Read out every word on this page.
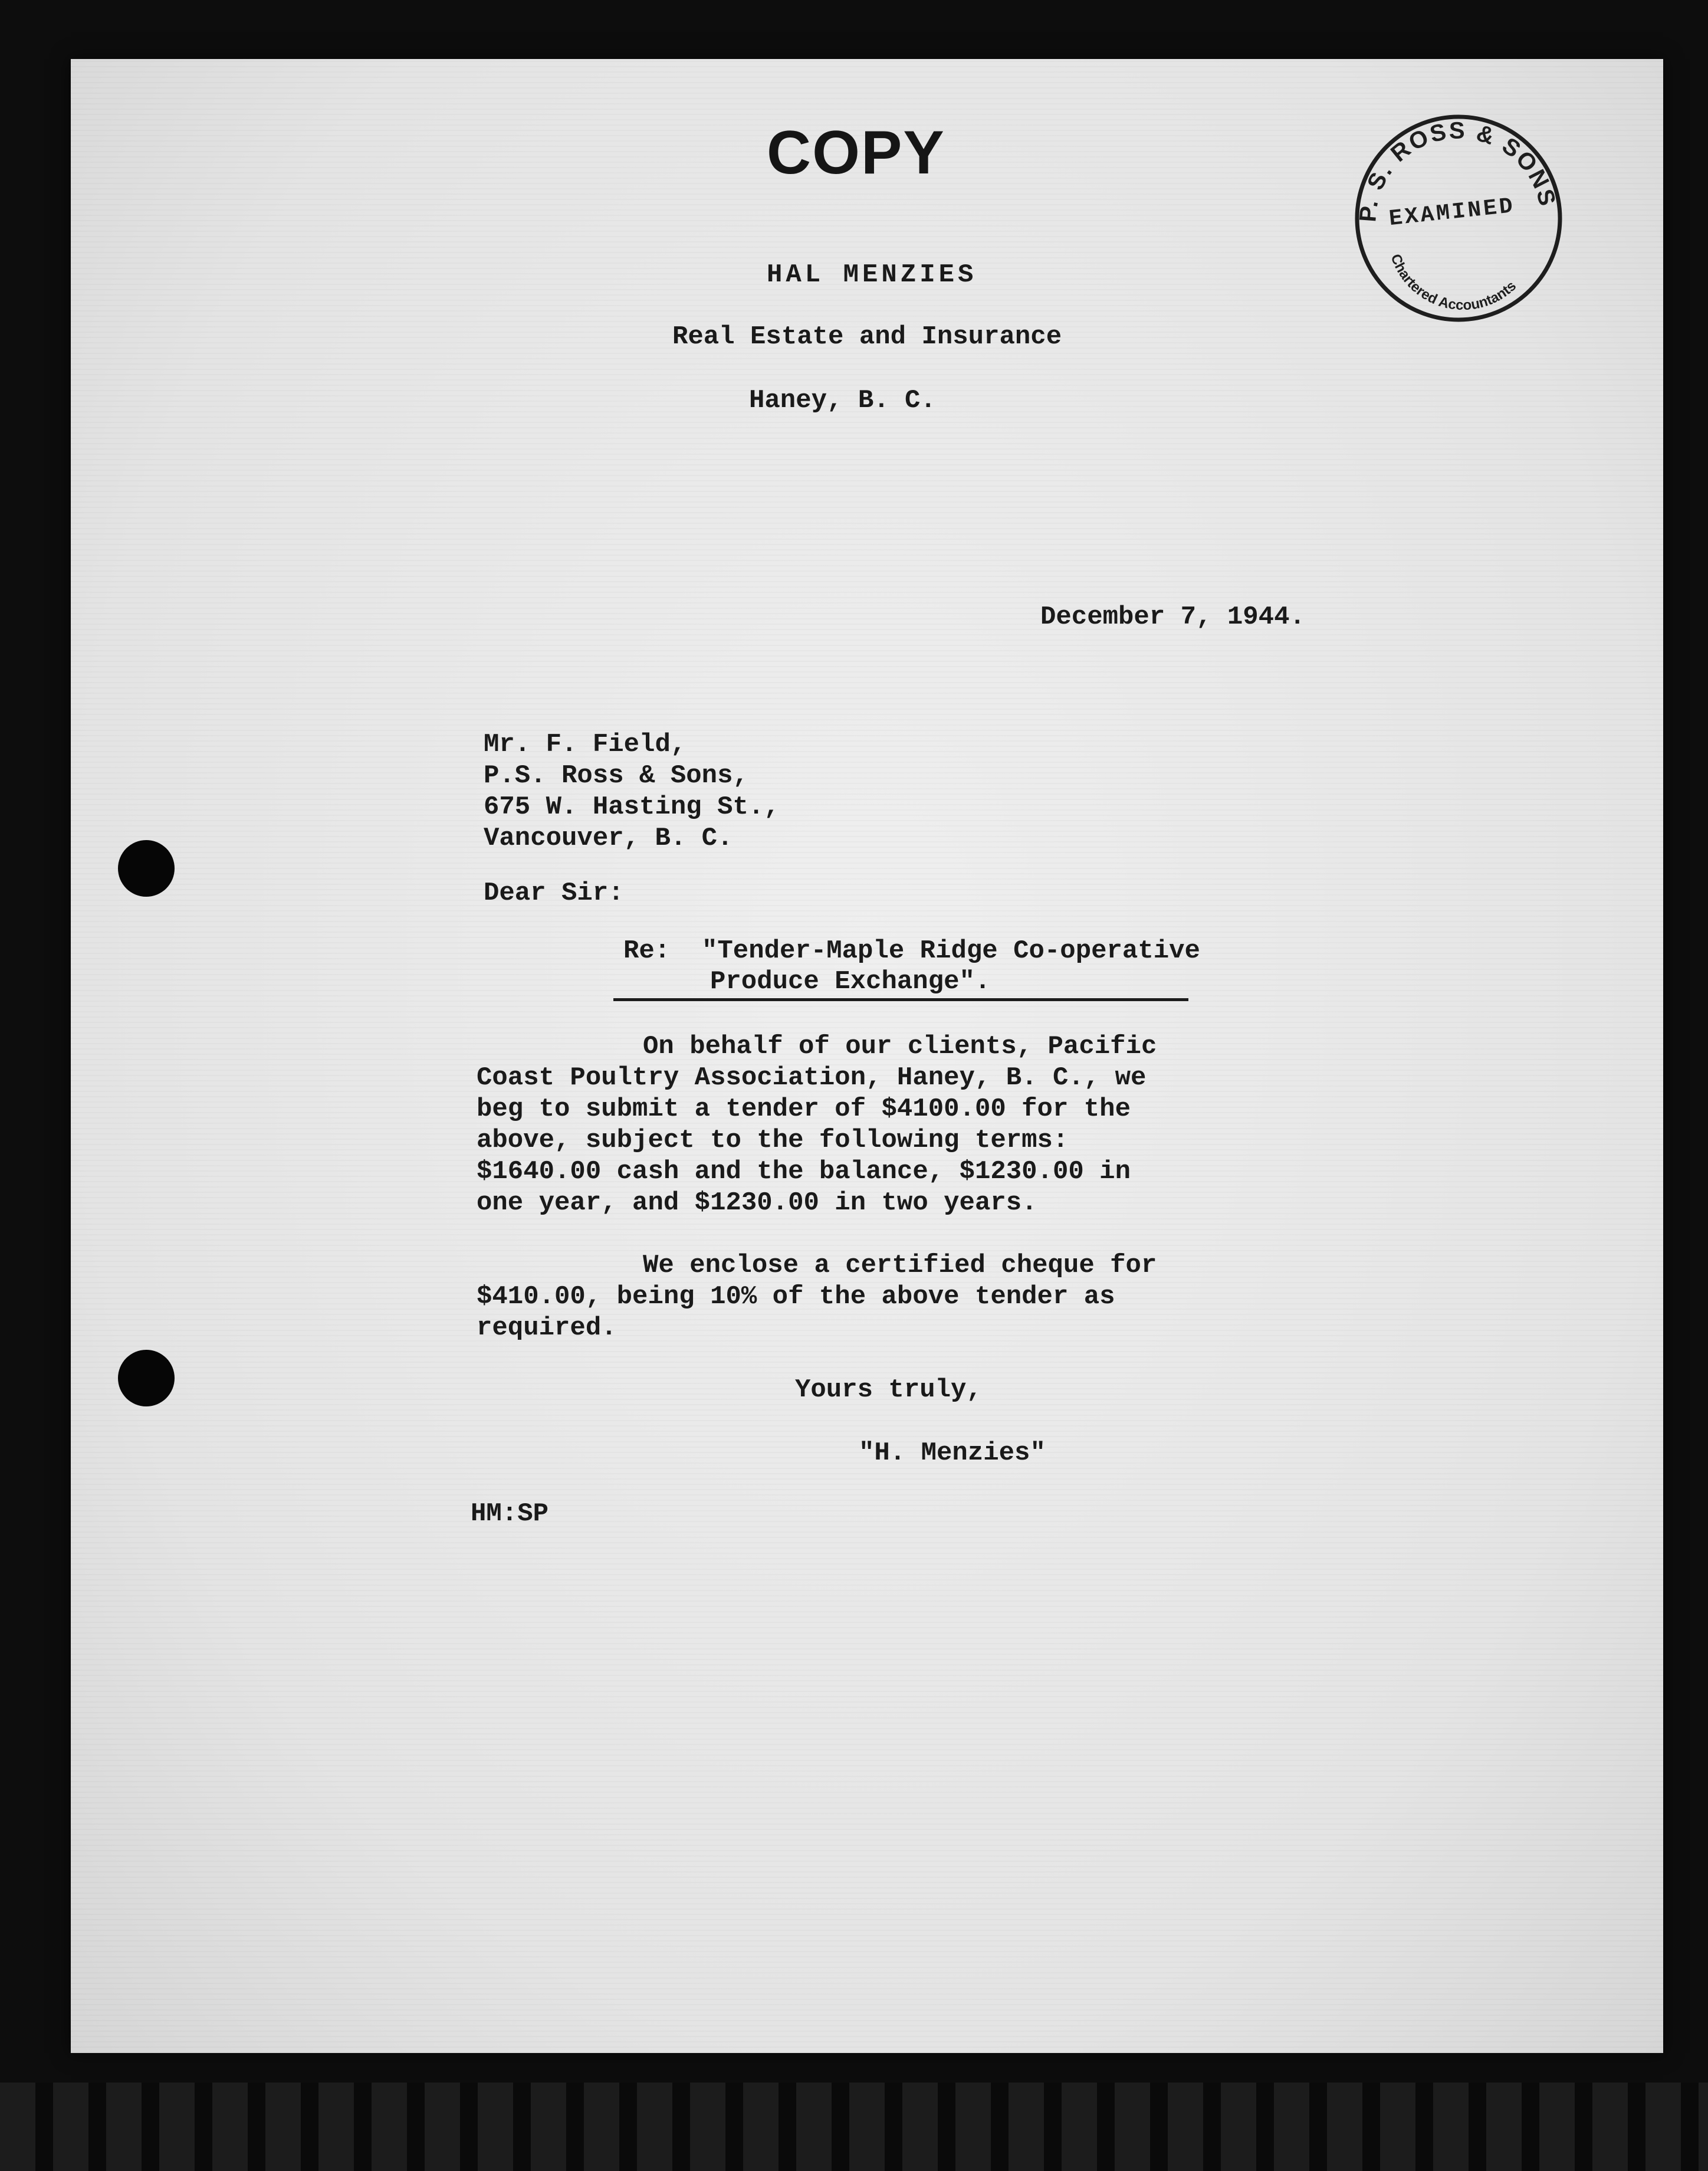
COPY
HAL MENZIES
Real Estate and Insurance
Haney, B. C.
December 7, 1944.
Mr. F. Field,
P.S. Ross & Sons,
675 W. Hasting St.,
Vancouver, B. C.
Dear Sir:
Re: "Tender-Maple Ridge Co-operative
Produce Exchange".
On behalf of our clients, Pacific
Coast Poultry Association, Haney, B. C., we
beg to submit a tender of $4100.00 for the
above, subject to the following terms:
$1640.00 cash and the balance, $1230.00 in
one year, and $1230.00 in two years.
We enclose a certified cheque for
$410.00, being 10% of the above tender as
required.
Yours truly,
"H. Menzies"
HM:SP
P. S. ROSS & SONS
EXAMINED
Chartered Accountants
